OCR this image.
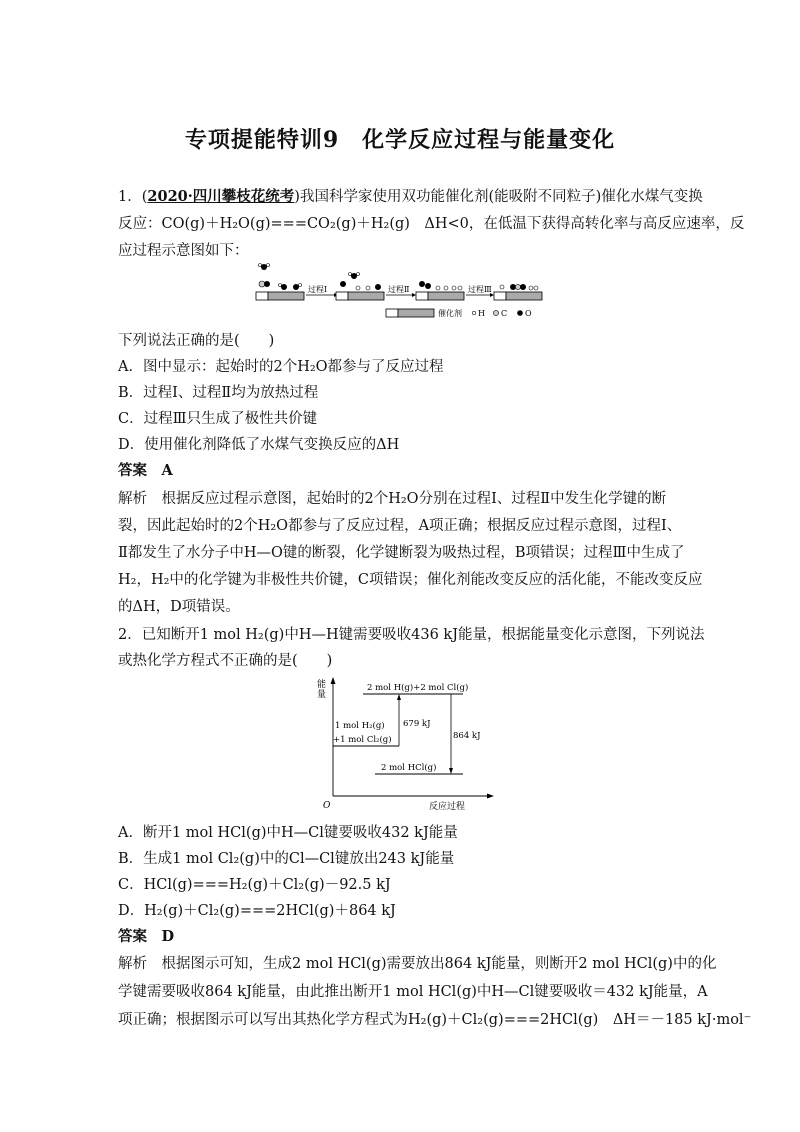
专项提能特训9　化学反应过程与能量变化
1．(2020·四川攀枝花统考)我国科学家使用双功能催化剂(能吸附不同粒子)催化水煤气变换
反应：CO(g)＋H₂O(g)===CO₂(g)＋H₂(g)　ΔH<0，在低温下获得高转化率与高反应速率，反
应过程示意图如下：
过程Ⅰ	过程Ⅱ	过程Ⅲ
催化剂 H C O
下列说法正确的是(　　)
A．图中显示：起始时的2个H₂O都参与了反应过程
B．过程Ⅰ、过程Ⅱ均为放热过程
C．过程Ⅲ只生成了极性共价键
D．使用催化剂降低了水煤气变换反应的ΔH
答案　A
解析　根据反应过程示意图，起始时的2个H₂O分别在过程Ⅰ、过程Ⅱ中发生化学键的断
裂，因此起始时的2个H₂O都参与了反应过程，A项正确；根据反应过程示意图，过程Ⅰ、
Ⅱ都发生了水分子中H—O键的断裂，化学键断裂为吸热过程，B项错误；过程Ⅲ中生成了
H₂，H₂中的化学键为非极性共价键，C项错误；催化剂能改变反应的活化能，不能改变反应
的ΔH，D项错误。
2．已知断开1 mol H₂(g)中H—H键需要吸收436 kJ能量，根据能量变化示意图，下列说法
或热化学方程式不正确的是(　　)
能
量
O	反应过程
2 mol H(g)+2 mol Cl(g)
1 mol H₂(g)
+1 mol Cl₂(g)
2 mol HCl(g)
679 kJ
864 kJ
A．断开1 mol HCl(g)中H—Cl键要吸收432 kJ能量
B．生成1 mol Cl₂(g)中的Cl—Cl键放出243 kJ能量
C．HCl(g)===H₂(g)＋Cl₂(g)－92.5 kJ
D．H₂(g)＋Cl₂(g)===2HCl(g)＋864 kJ
答案　D
解析　根据图示可知，生成2 mol HCl(g)需要放出864 kJ能量，则断开2 mol HCl(g)中的化
学键需要吸收864 kJ能量，由此推出断开1 mol HCl(g)中H—Cl键要吸收＝432 kJ能量，A
项正确；根据图示可以写出其热化学方程式为H₂(g)＋Cl₂(g)===2HCl(g)　ΔH＝－185 kJ·mol⁻
